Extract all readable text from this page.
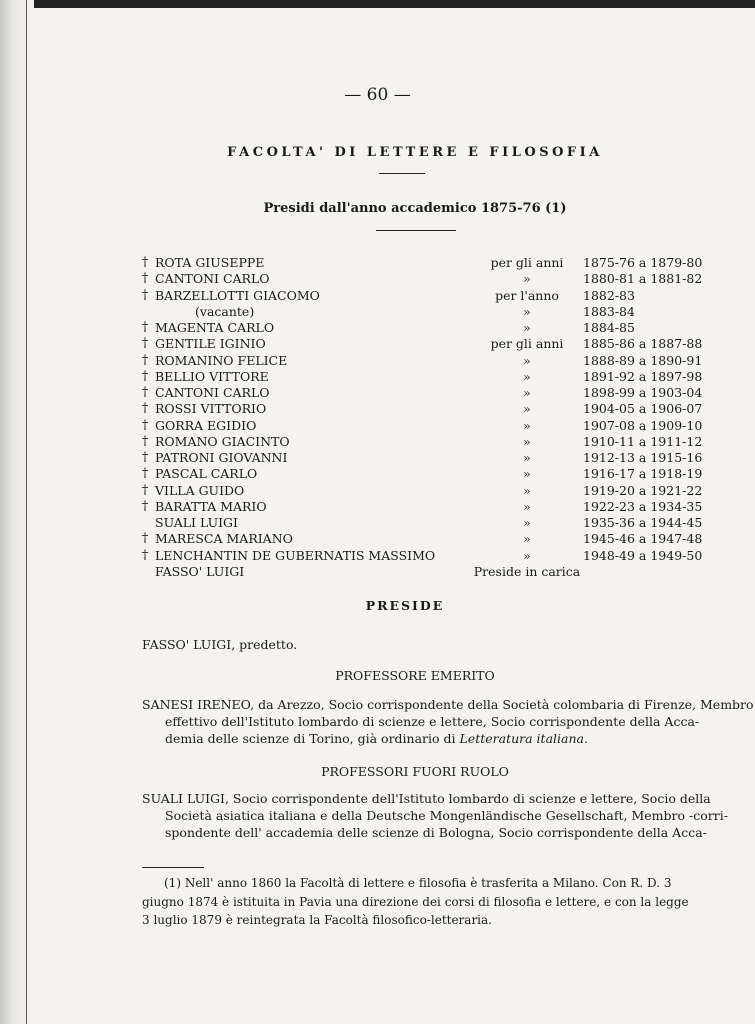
— 60 —
FACOLTA' DI LETTERE E FILOSOFIA
Presidi dall'anno accademico 1875-76 (1)
† ROTA GIUSEPPE	per gli anni	1875-76 a 1879-80
† CANTONI CARLO	»	1880-81 a 1881-82
† BARZELLOTTI GIACOMO	per l'anno	1882-83
(vacante)	»	1883-84
† MAGENTA CARLO	»	1884-85
† GENTILE IGINIO	per gli anni	1885-86 a 1887-88
† ROMANINO FELICE	»	1888-89 a 1890-91
† BELLIO VITTORE	»	1891-92 a 1897-98
† CANTONI CARLO	»	1898-99 a 1903-04
† ROSSI VITTORIO	»	1904-05 a 1906-07
† GORRA EGIDIO	»	1907-08 a 1909-10
† ROMANO GIACINTO	»	1910-11 a 1911-12
† PATRONI GIOVANNI	»	1912-13 a 1915-16
† PASCAL CARLO	»	1916-17 a 1918-19
† VILLA GUIDO	»	1919-20 a 1921-22
† BARATTA MARIO	»	1922-23 a 1934-35
SUALI LUIGI	»	1935-36 a 1944-45
† MARESCA MARIANO	»	1945-46 a 1947-48
† LENCHANTIN DE GUBERNATIS MASSIMO	»	1948-49 a 1949-50
FASSO' LUIGI	Preside in carica
PRESIDE
FASSO' LUIGI, predetto.
PROFESSORE EMERITO
SANESI IRENEO, da Arezzo, Socio corrispondente della Società colombaria di Firenze, Membro
effettivo dell'Istituto lombardo di scienze e lettere, Socio corrispondente della Acca-
demia delle scienze di Torino, già ordinario di Letteratura italiana.
PROFESSORI FUORI RUOLO
SUALI LUIGI, Socio corrispondente dell'Istituto lombardo di scienze e lettere, Socio della
Società asiatica italiana e della Deutsche Mongenländische Gesellschaft, Membro -corri-
spondente dell' accademia delle scienze di Bologna, Socio corrispondente della Acca-
(1) Nell' anno 1860 la Facoltà di lettere e filosofia è trasferita a Milano. Con R. D. 3
giugno 1874 è istituita in Pavia una direzione dei corsi di filosofia e lettere, e con la legge
3 luglio 1879 è reintegrata la Facoltà filosofico-letteraria.
